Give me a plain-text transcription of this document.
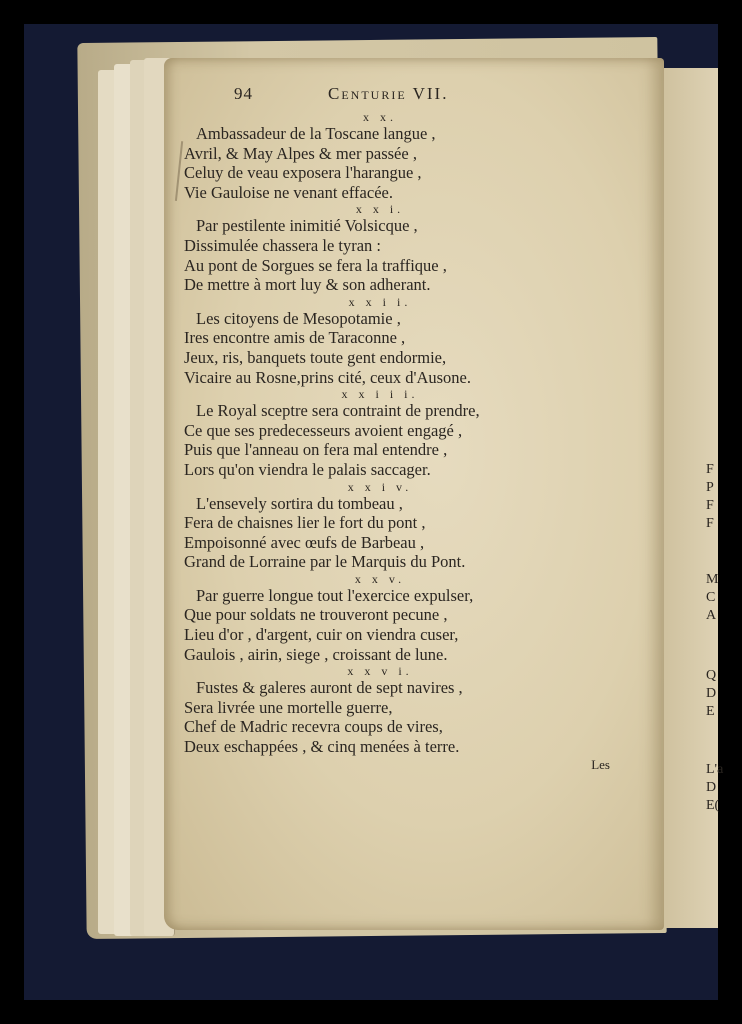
94	Centurie VII.
x x.
Ambassadeur de la Toscane langue ,
Avril, & May Alpes & mer passée ,
Celuy de veau exposera l'harangue ,
Vie Gauloise ne venant effacée.
x x i.
Par pestilente inimitié Volsicque ,
Dissimulée chassera le tyran :
Au pont de Sorgues se fera la traffique ,
De mettre à mort luy & son adherant.
x x i i.
Les citoyens de Mesopotamie ,
Ires encontre amis de Taraconne ,
Jeux, ris, banquets toute gent endormie,
Vicaire au Rosne,prins cité, ceux d'Ausone.
x x i i i.
Le Royal sceptre sera contraint de prendre,
Ce que ses predecesseurs avoient engagé ,
Puis que l'anneau on fera mal entendre ,
Lors qu'on viendra le palais saccager.
x x i v.
L'ensevely sortira du tombeau ,
Fera de chaisnes lier le fort du pont ,
Empoisonné avec œufs de Barbeau ,
Grand de Lorraine par le Marquis du Pont.
x x v.
Par guerre longue tout l'exercice expulser,
Que pour soldats ne trouveront pecune ,
Lieu d'or , d'argent, cuir on viendra cuser,
Gaulois , airin, siege , croissant de lune.
x x v i.
Fustes & galeres auront de sept navires ,
Sera livrée une mortelle guerre,
Chef de Madric recevra coups de vires,
Deux eschappées , & cinq menées à terre.
Les
F
P
F
F
M
C
A
Q
D
E
L'a
D
E(
